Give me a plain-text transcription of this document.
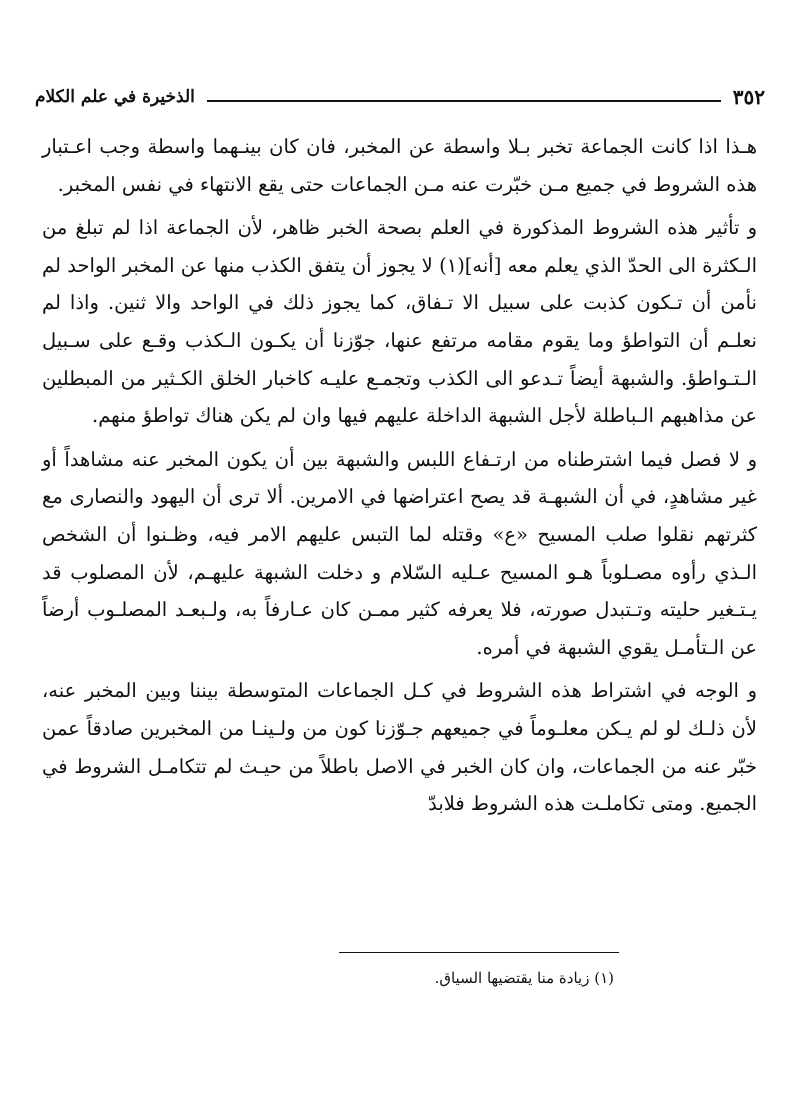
٣٥٢
الذخيرة في علم الكلام

هـذا اذا كانت الجماعة تخبر بـلا واسطة عن المخبر، فان كان بينـهما واسطة وجب اعـتبار هذه الشروط في جميع مـن خبّرت عنه مـن الجماعات حتى يقع الانتهاء في نفس المخبر.

و تأثير هذه الشروط المذكورة في العلم بصحة الخبر ظاهر، لأن الجماعة اذا لم تبلغ من الـكثرة الى الحدّ الذي يعلم معه [أنه](١) لا يجوز أن يتفق الكذب منها عن المخبر الواحد لم نأمن أن تـكون كذبت على سبيل الا تـفاق، كما يجوز ذلك في الواحد والا ثنين. واذا لم نعلـم أن التواطؤ وما يقوم مقامه مرتفع عنها، جوّزنا أن يكـون الـكذب وقـع على سـبيل الـتـواطؤ. والشبهة أيضاً تـدعو الى الكذب وتجمـع عليـه كاخبار الخلق الكـثير من المبطلين عن مذاهبهم الـباطلة لأجل الشبهة الداخلة عليهم فيها وان لم يكن هناك تواطؤ منهم.

و لا فصل فيما اشترطناه من ارتـفاع اللبس والشبهة بين أن يكون المخبر عنه مشاهداً أو غير مشاهدٍ، في أن الشبهـة قد يصح اعتراضها في الامرين. ألا ترى أن اليهود والنصارى مع كثرتهم نقلوا صلب المسيح «ع» وقتله لما التبس عليهم الامر فيه، وظـنوا أن الشخص الـذي رأوه مصـلوباً هـو المسيح عـليه السّلام و دخلت الشبهة عليهـم، لأن المصلوب قد يـتـغير حليته وتـتبدل صورته، فلا يعرفه كثير ممـن كان عـارفاً به، ولـبعـد المصلـوب أرضاً عن الـتأمـل يقوي الشبهة في أمره.

و الوجه في اشتراط هذه الشروط في كـل الجماعات المتوسطة بيننا وبين المخبر عنه، لأن ذلـك لو لم يـكن معلـوماً في جميعهم جـوّزنا كون من ولـينـا من المخبرين صادقاً عمن خبّر عنه من الجماعات، وان كان الخبر في الاصل باطلاً من حيـث لم تتكامـل الشروط في الجميع. ومتى تكاملـت هذه الشروط فلابدّ

(١) زيادة منا يقتضيها السياق.
